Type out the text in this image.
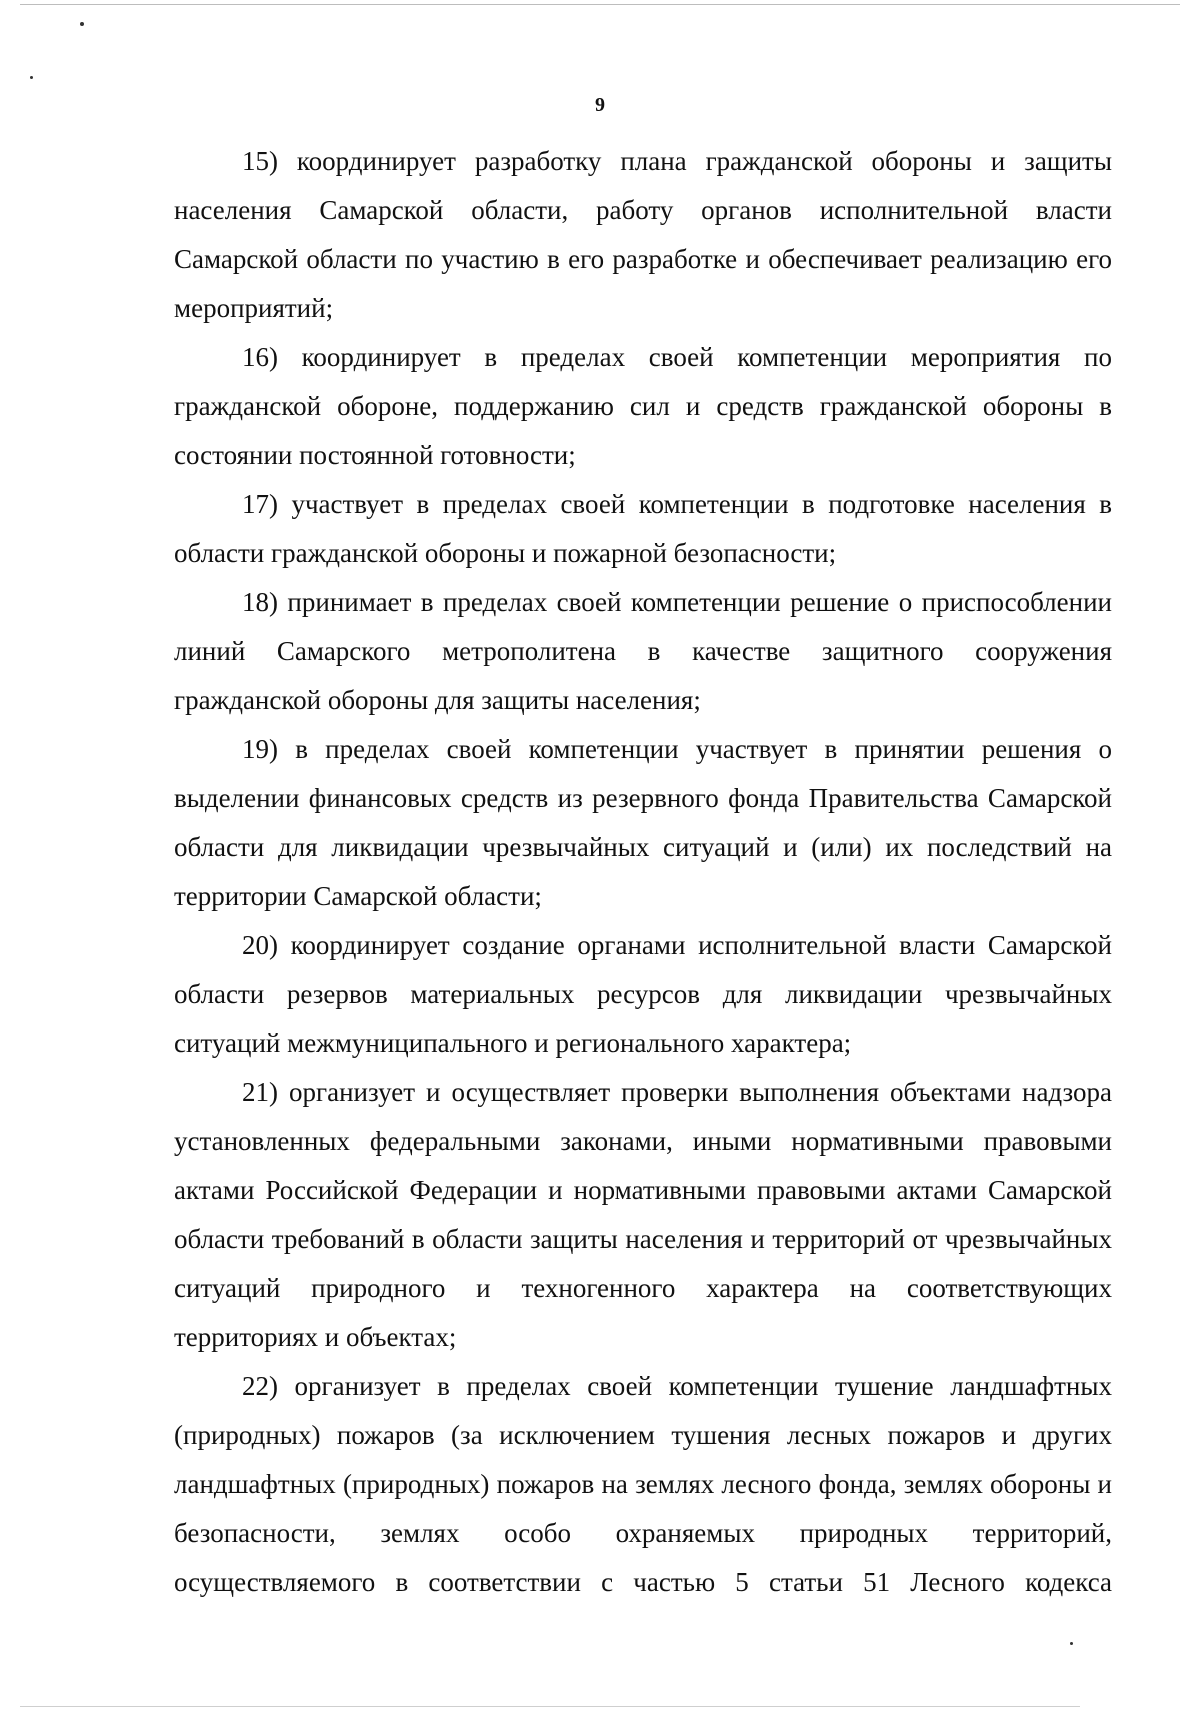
9

15) координирует разработку плана гражданской обороны и защиты населения Самарской области, работу органов исполнительной власти Самарской области по участию в его разработке и обеспечивает реализацию его мероприятий;

16) координирует в пределах своей компетенции мероприятия по гражданской обороне, поддержанию сил и средств гражданской обороны в состоянии постоянной готовности;

17) участвует в пределах своей компетенции в подготовке населения в области гражданской обороны и пожарной безопасности;

18) принимает в пределах своей компетенции решение о приспособлении линий Самарского метрополитена в качестве защитного сооружения гражданской обороны для защиты населения;

19) в пределах своей компетенции участвует в принятии решения о выделении финансовых средств из резервного фонда Правительства Самарской области для ликвидации чрезвычайных ситуаций и (или) их последствий на территории Самарской области;

20) координирует создание органами исполнительной власти Самарской области резервов материальных ресурсов для ликвидации чрезвычайных ситуаций межмуниципального и регионального характера;

21) организует и осуществляет проверки выполнения объектами надзора установленных федеральными законами, иными нормативными правовыми актами Российской Федерации и нормативными правовыми актами Самарской области требований в области защиты населения и территорий от чрезвычайных ситуаций природного и техногенного характера на соответствующих территориях и объектах;

22) организует в пределах своей компетенции тушение ландшафтных (природных) пожаров (за исключением тушения лесных пожаров и других ландшафтных (природных) пожаров на землях лесного фонда, землях обороны и безопасности, землях особо охраняемых природных территорий, осуществляемого в соответствии с частью 5 статьи 51 Лесного кодекса
